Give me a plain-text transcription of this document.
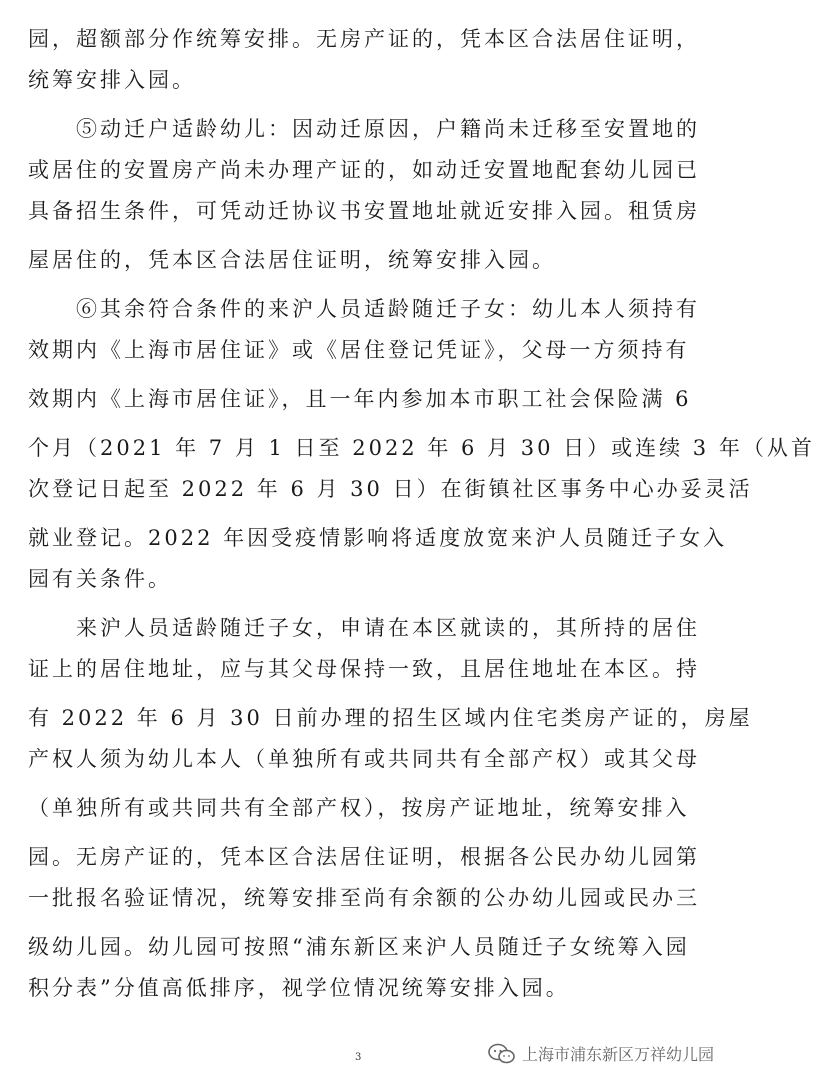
园，超额部分作统筹安排。无房产证的，凭本区合法居住证明，
统筹安排入园。
⑤动迁户适龄幼儿：因动迁原因，户籍尚未迁移至安置地的
或居住的安置房产尚未办理产证的，如动迁安置地配套幼儿园已
具备招生条件，可凭动迁协议书安置地址就近安排入园。租赁房
屋居住的，凭本区合法居住证明，统筹安排入园。
⑥其余符合条件的来沪人员适龄随迁子女：幼儿本人须持有
效期内《上海市居住证》或《居住登记凭证》，父母一方须持有
效期内《上海市居住证》，且一年内参加本市职工社会保险满 6
个月（2021 年 7 月 1 日至 2022 年 6 月 30 日）或连续 3 年（从首
次登记日起至 2022 年 6 月 30 日）在街镇社区事务中心办妥灵活
就业登记。2022 年因受疫情影响将适度放宽来沪人员随迁子女入
园有关条件。
来沪人员适龄随迁子女，申请在本区就读的，其所持的居住
证上的居住地址，应与其父母保持一致，且居住地址在本区。持
有 2022 年 6 月 30 日前办理的招生区域内住宅类房产证的，房屋
产权人须为幼儿本人（单独所有或共同共有全部产权）或其父母
（单独所有或共同共有全部产权），按房产证地址，统筹安排入
园。无房产证的，凭本区合法居住证明，根据各公民办幼儿园第
一批报名验证情况，统筹安排至尚有余额的公办幼儿园或民办三
级幼儿园。幼儿园可按照“浦东新区来沪人员随迁子女统筹入园
积分表”分值高低排序，视学位情况统筹安排入园。
3	上海市浦东新区万祥幼儿园
